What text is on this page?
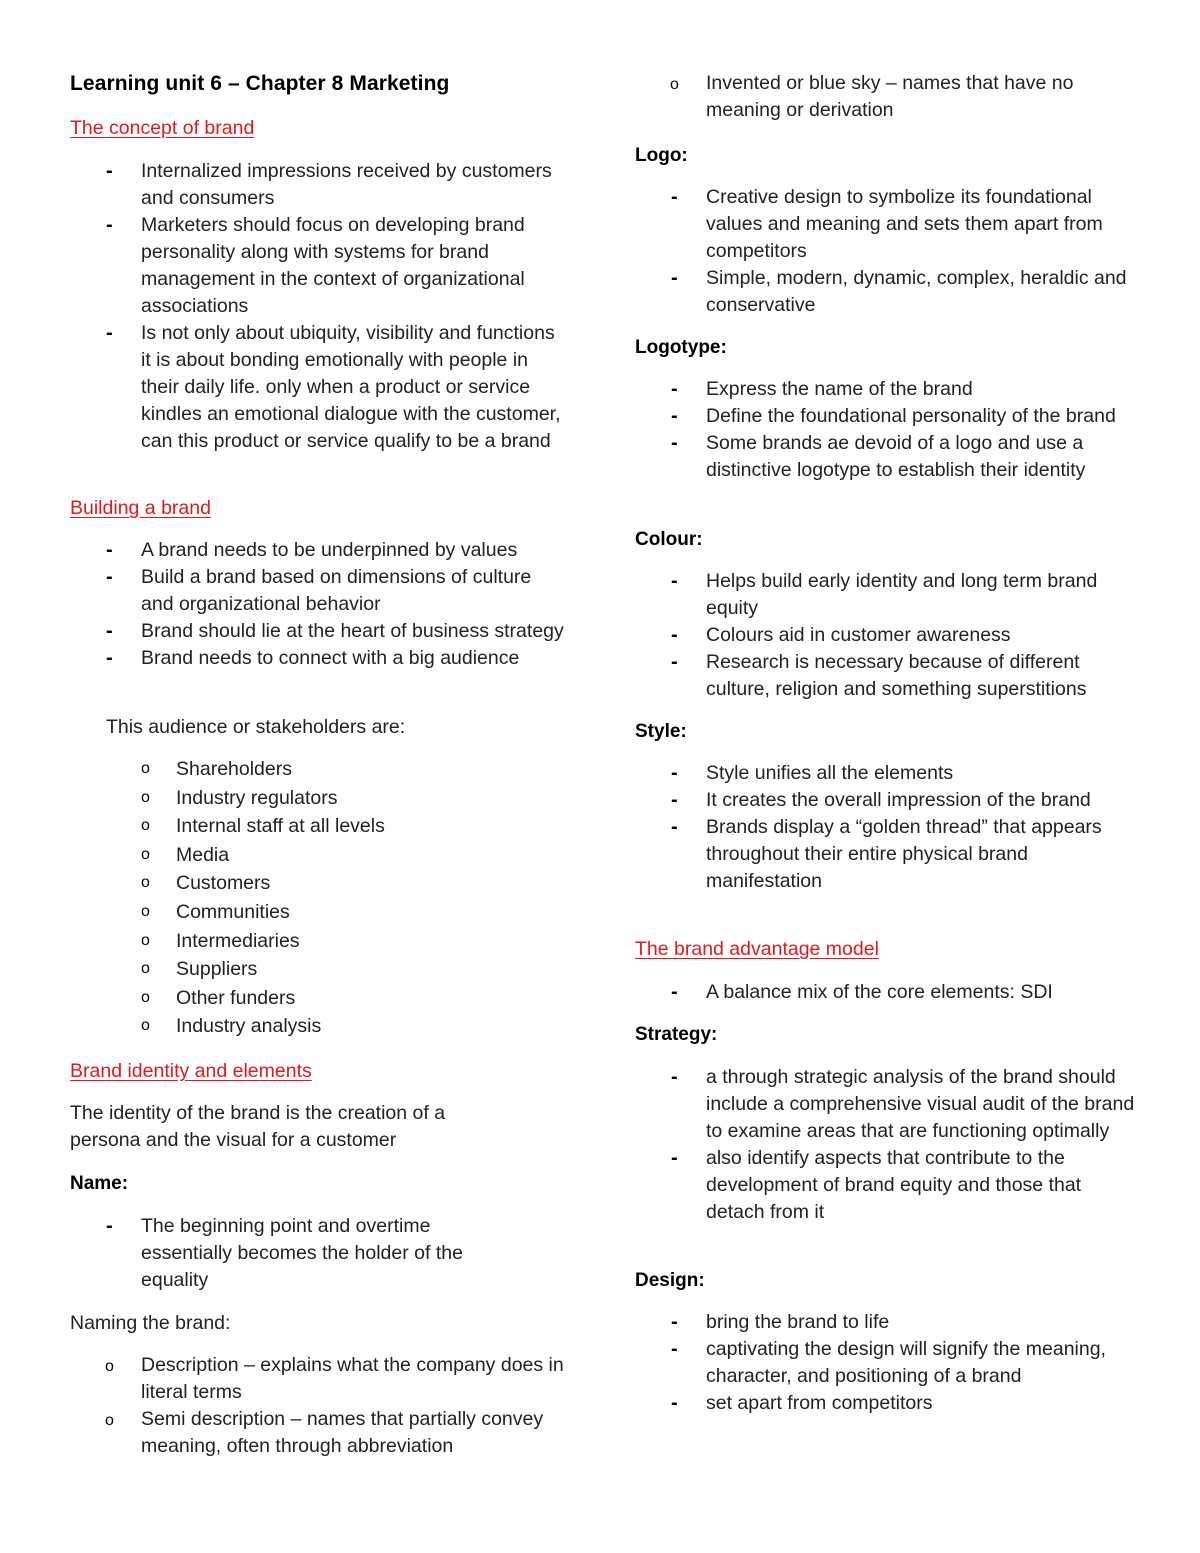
Learning unit 6 – Chapter 8 Marketing
The concept of brand
- Internalized impressions received by customers and consumers
- Marketers should focus on developing brand personality along with systems for brand management in the context of organizational associations
- Is not only about ubiquity, visibility and functions it is about bonding emotionally with people in their daily life. only when a product or service kindles an emotional dialogue with the customer, can this product or service qualify to be a brand
Building a brand
- A brand needs to be underpinned by values
- Build a brand based on dimensions of culture and organizational behavior
- Brand should lie at the heart of business strategy
- Brand needs to connect with a big audience
This audience or stakeholders are:
o Shareholders
o Industry regulators
o Internal staff at all levels
o Media
o Customers
o Communities
o Intermediaries
o Suppliers
o Other funders
o Industry analysis
Brand identity and elements
The identity of the brand is the creation of a persona and the visual for a customer
Name:
- The beginning point and overtime essentially becomes the holder of the equality
Naming the brand:
o Description – explains what the company does in literal terms
o Semi description – names that partially convey meaning, often through abbreviation
o Invented or blue sky – names that have no meaning or derivation
Logo:
- Creative design to symbolize its foundational values and meaning and sets them apart from competitors
- Simple, modern, dynamic, complex, heraldic and conservative
Logotype:
- Express the name of the brand
- Define the foundational personality of the brand
- Some brands ae devoid of a logo and use a distinctive logotype to establish their identity
Colour:
- Helps build early identity and long term brand equity
- Colours aid in customer awareness
- Research is necessary because of different culture, religion and something superstitions
Style:
- Style unifies all the elements
- It creates the overall impression of the brand
- Brands display a “golden thread” that appears throughout their entire physical brand manifestation
The brand advantage model
- A balance mix of the core elements: SDI
Strategy:
- a through strategic analysis of the brand should include a comprehensive visual audit of the brand to examine areas that are functioning optimally
- also identify aspects that contribute to the development of brand equity and those that detach from it
Design:
- bring the brand to life
- captivating the design will signify the meaning, character, and positioning of a brand
- set apart from competitors
